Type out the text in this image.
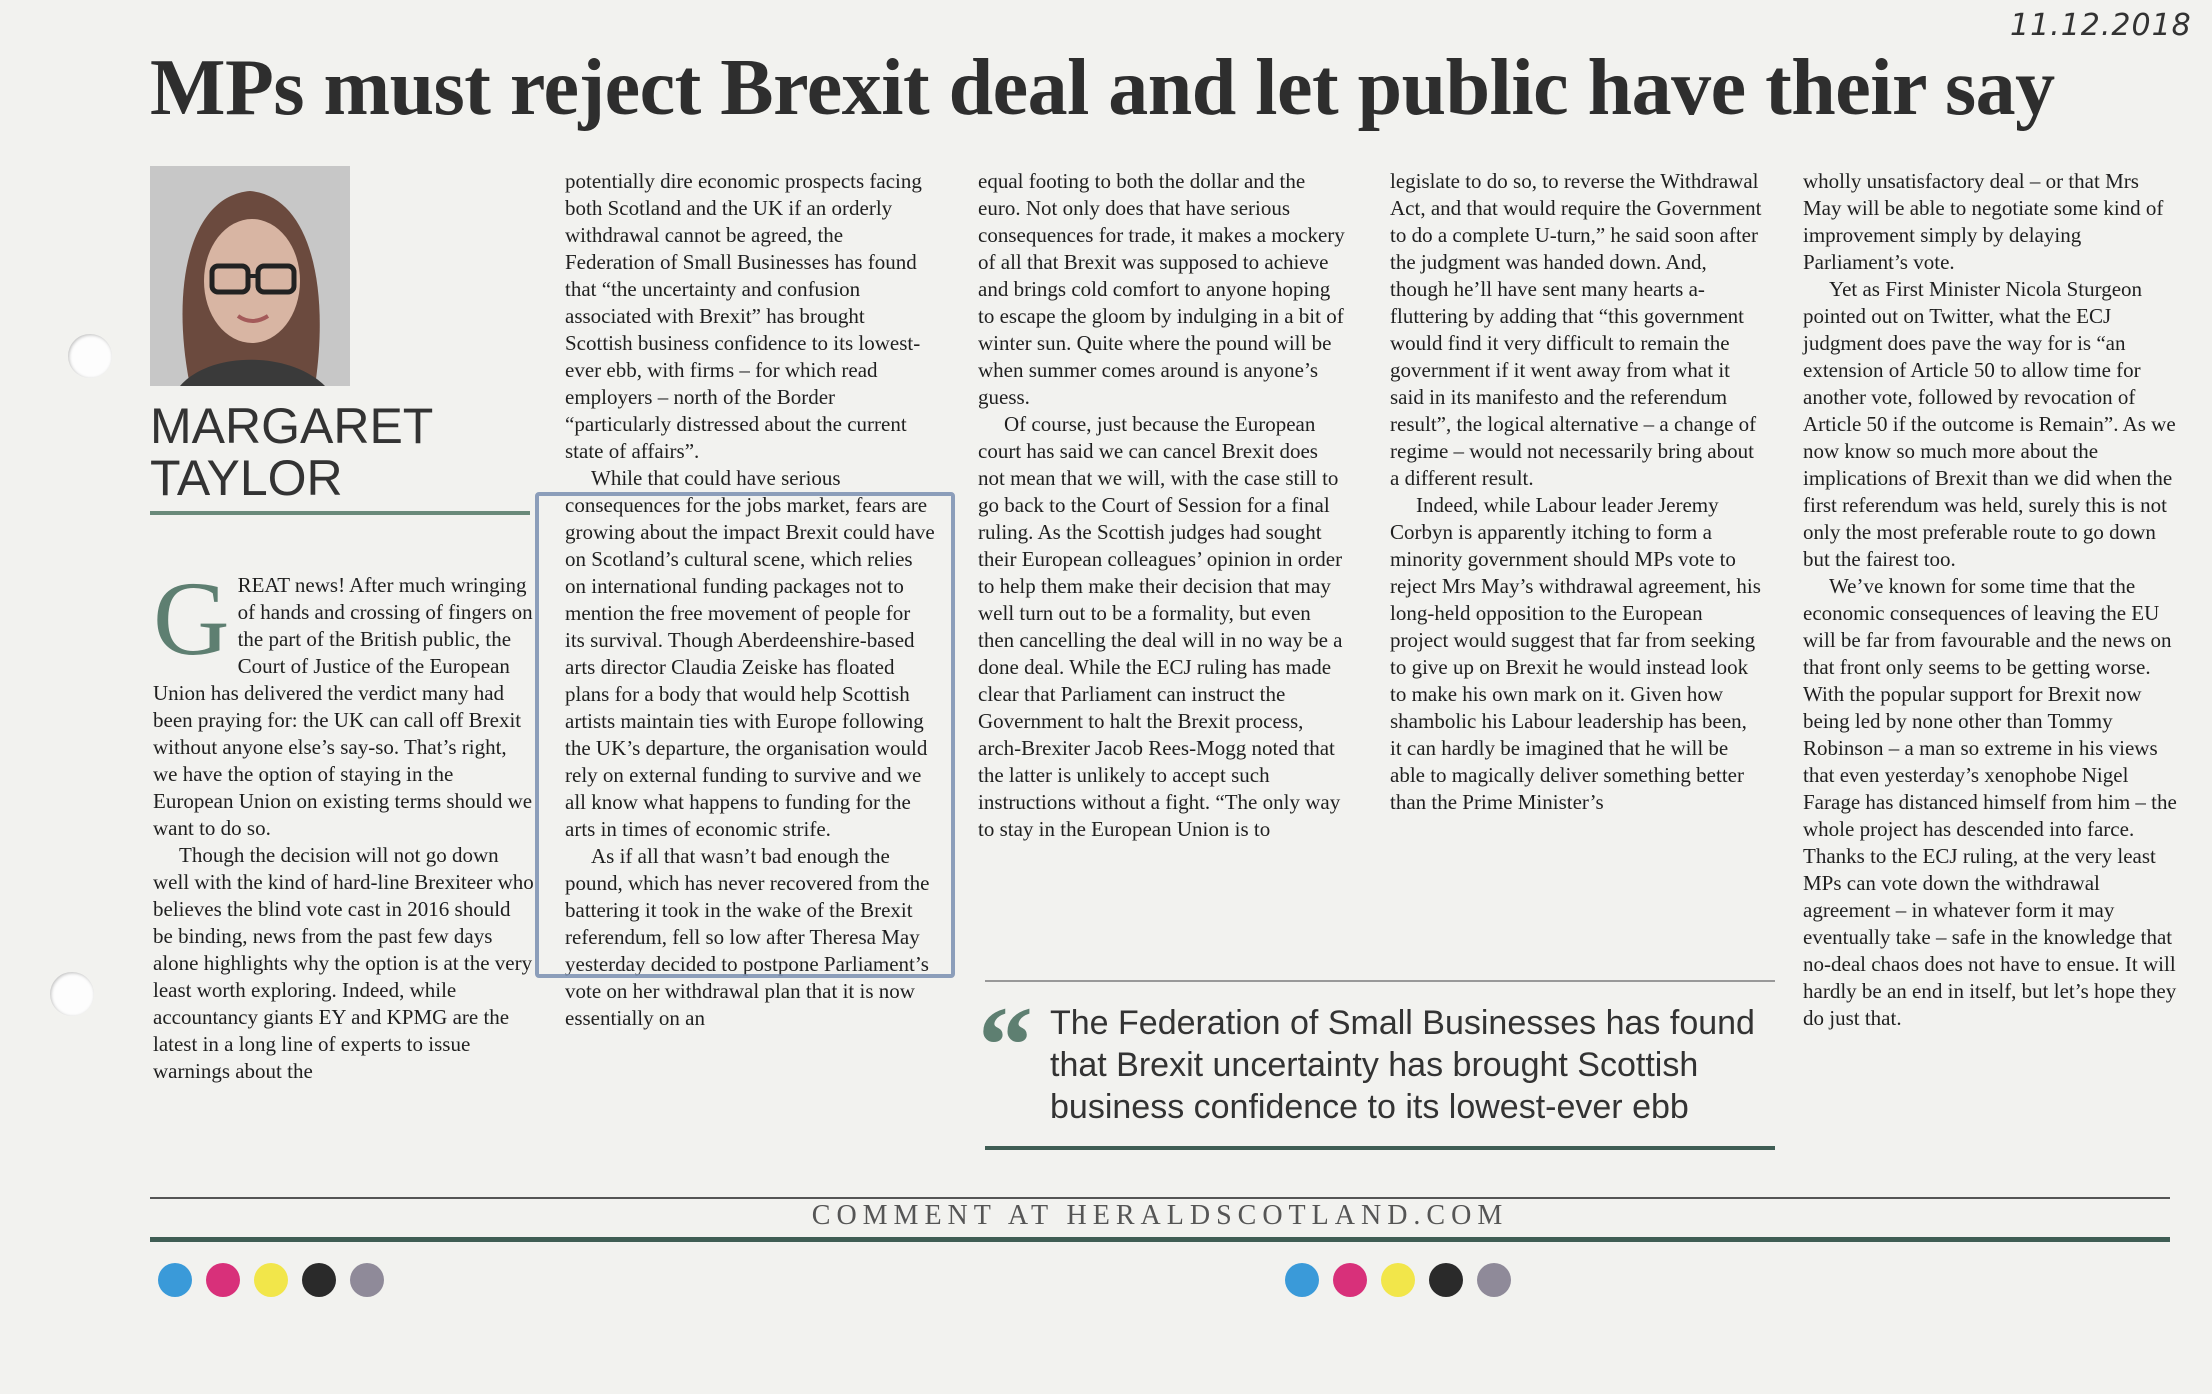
11.12.2018
MPs must reject Brexit deal and let public have their say
MARGARET
TAYLOR
G REAT news! After much wringing of hands and crossing of fingers on the part of the British public, the Court of Justice of the European Union has delivered the verdict many had been praying for: the UK can call off Brexit without anyone else’s say-so. That’s right, we have the option of staying in the European Union on existing terms should we want to do so.

Though the decision will not go down well with the kind of hard-line Brexiteer who believes the blind vote cast in 2016 should be binding, news from the past few days alone highlights why the option is at the very least worth exploring. Indeed, while accountancy giants EY and KPMG are the latest in a long line of experts to issue warnings about the

potentially dire economic prospects facing both Scotland and the UK if an orderly withdrawal cannot be agreed, the Federation of Small Businesses has found that “the uncertainty and confusion associated with Brexit” has brought Scottish business confidence to its lowest-ever ebb, with firms – for which read employers – north of the Border “particularly distressed about the current state of affairs”.

While that could have serious consequences for the jobs market, fears are growing about the impact Brexit could have on Scotland’s cultural scene, which relies on international funding packages not to mention the free movement of people for its survival. Though Aberdeenshire-based arts director Claudia Zeiske has floated plans for a body that would help Scottish artists maintain ties with Europe following the UK’s departure, the organisation would rely on external funding to survive and we all know what happens to funding for the arts in times of economic strife.

As if all that wasn’t bad enough the pound, which has never recovered from the battering it took in the wake of the Brexit referendum, fell so low after Theresa May yesterday decided to postpone Parliament’s vote on her withdrawal plan that it is now essentially on an

equal footing to both the dollar and the euro. Not only does that have serious consequences for trade, it makes a mockery of all that Brexit was supposed to achieve and brings cold comfort to anyone hoping to escape the gloom by indulging in a bit of winter sun. Quite where the pound will be when summer comes around is anyone’s guess.

Of course, just because the European court has said we can cancel Brexit does not mean that we will, with the case still to go back to the Court of Session for a final ruling. As the Scottish judges had sought their European colleagues’ opinion in order to help them make their decision that may well turn out to be a formality, but even then cancelling the deal will in no way be a done deal. While the ECJ ruling has made clear that Parliament can instruct the Government to halt the Brexit process, arch-Brexiter Jacob Rees-Mogg noted that the latter is unlikely to accept such instructions without a fight. “The only way to stay in the European Union is to

legislate to do so, to reverse the Withdrawal Act, and that would require the Government to do a complete U-turn,” he said soon after the judgment was handed down. And, though he’ll have sent many hearts a-fluttering by adding that “this government would find it very difficult to remain the government if it went away from what it said in its manifesto and the referendum result”, the logical alternative – a change of regime – would not necessarily bring about a different result.

Indeed, while Labour leader Jeremy Corbyn is apparently itching to form a minority government should MPs vote to reject Mrs May’s withdrawal agreement, his long-held opposition to the European project would suggest that far from seeking to give up on Brexit he would instead look to make his own mark on it. Given how shambolic his Labour leadership has been, it can hardly be imagined that he will be able to magically deliver something better than the Prime Minister’s

wholly unsatisfactory deal – or that Mrs May will be able to negotiate some kind of improvement simply by delaying Parliament’s vote.

Yet as First Minister Nicola Sturgeon pointed out on Twitter, what the ECJ judgment does pave the way for is “an extension of Article 50 to allow time for another vote, followed by revocation of Article 50 if the outcome is Remain”. As we now know so much more about the implications of Brexit than we did when the first referendum was held, surely this is not only the most preferable route to go down but the fairest too.

We’ve known for some time that the economic consequences of leaving the EU will be far from favourable and the news on that front only seems to be getting worse. With the popular support for Brexit now being led by none other than Tommy Robinson – a man so extreme in his views that even yesterday’s xenophobe Nigel Farage has distanced himself from him – the whole project has descended into farce. Thanks to the ECJ ruling, at the very least MPs can vote down the withdrawal agreement – in whatever form it may eventually take – safe in the knowledge that no-deal chaos does not have to ensue. It will hardly be an end in itself, but let’s hope they do just that.

“ The Federation of Small Businesses has found that Brexit uncertainty has brought Scottish business confidence to its lowest-ever ebb
COMMENT AT HERALDSCOTLAND.COM
